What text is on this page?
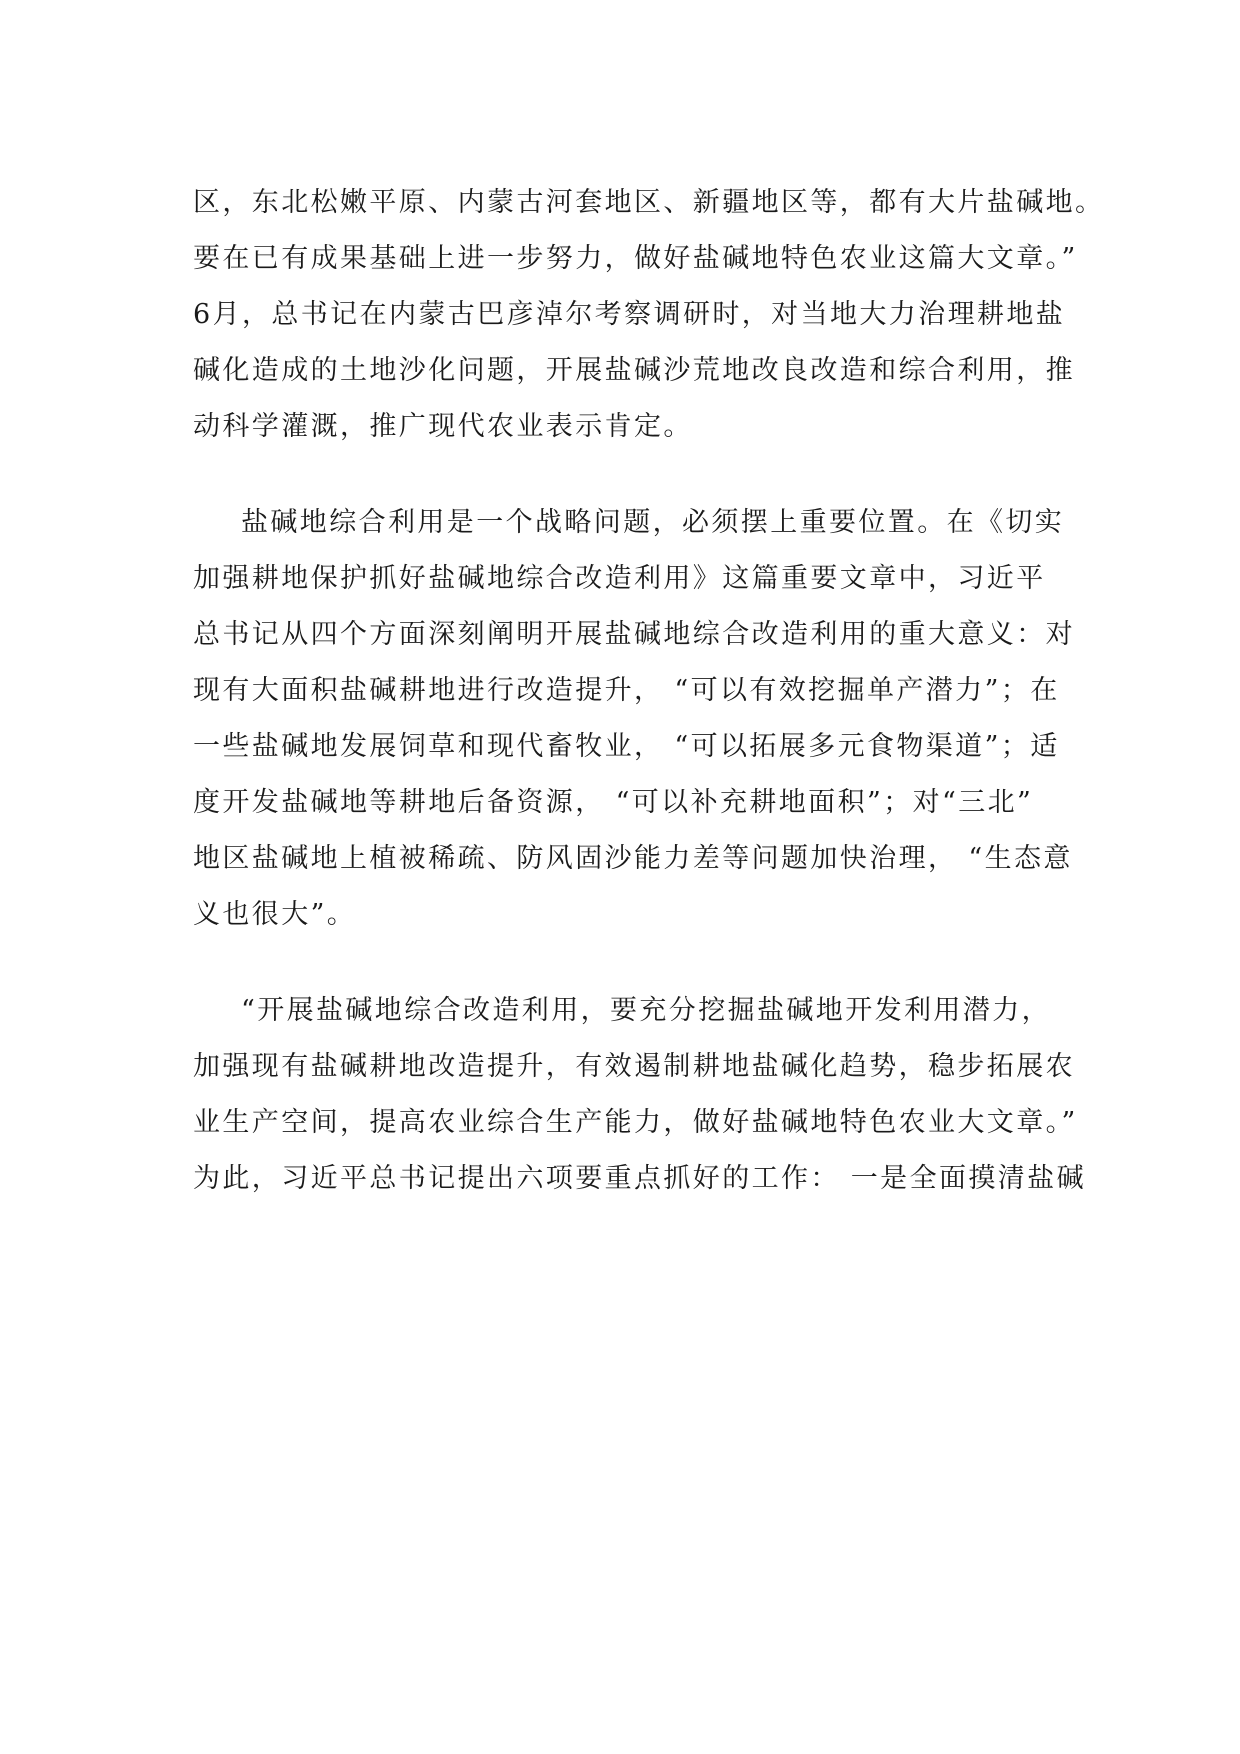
区，东北松嫩平原、内蒙古河套地区、新疆地区等，都有大片盐碱地。
要在已有成果基础上进一步努力，做好盐碱地特色农业这篇大文章。”
6月，总书记在内蒙古巴彦淖尔考察调研时，对当地大力治理耕地盐
碱化造成的土地沙化问题，开展盐碱沙荒地改良改造和综合利用，推
动科学灌溉，推广现代农业表示肯定。
盐碱地综合利用是一个战略问题，必须摆上重要位置。在《切实
加强耕地保护抓好盐碱地综合改造利用》这篇重要文章中，习近平
总书记从四个方面深刻阐明开展盐碱地综合改造利用的重大意义：对
现有大面积盐碱耕地进行改造提升， “可以有效挖掘单产潜力”；在
一些盐碱地发展饲草和现代畜牧业， “可以拓展多元食物渠道”；适
度开发盐碱地等耕地后备资源， “可以补充耕地面积”；对“三北”
地区盐碱地上植被稀疏、防风固沙能力差等问题加快治理， “生态意
义也很大”。
“开展盐碱地综合改造利用，要充分挖掘盐碱地开发利用潜力，
加强现有盐碱耕地改造提升，有效遏制耕地盐碱化趋势，稳步拓展农
业生产空间，提高农业综合生产能力，做好盐碱地特色农业大文章。”
为此，习近平总书记提出六项要重点抓好的工作： 一是全面摸清盐碱
